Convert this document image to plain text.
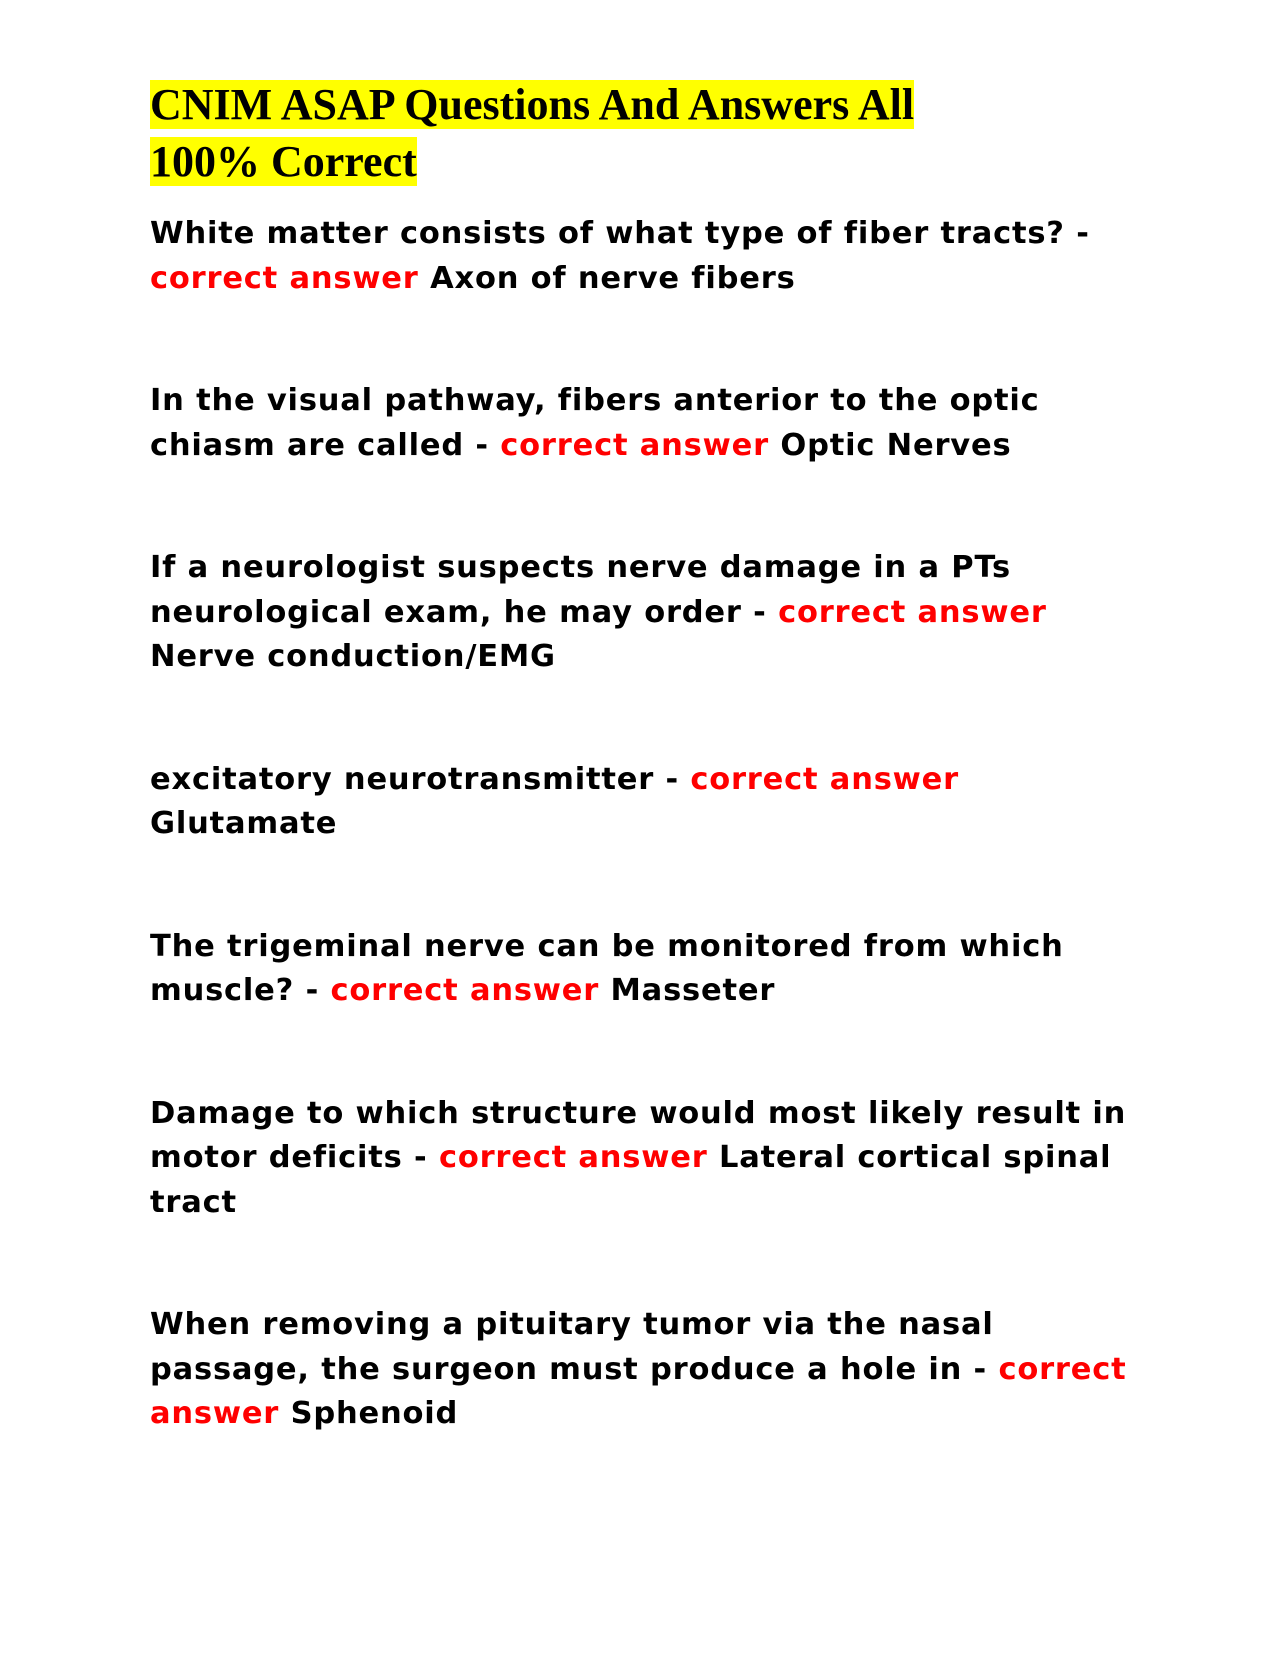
CNIM ASAP Questions And Answers All
100% Correct

White matter consists of what type of fiber tracts? - correct answer Axon of nerve fibers

In the visual pathway, fibers anterior to the optic chiasm are called - correct answer Optic Nerves

If a neurologist suspects nerve damage in a PTs neurological exam, he may order - correct answer Nerve conduction/EMG

excitatory neurotransmitter - correct answer Glutamate

The trigeminal nerve can be monitored from which muscle? - correct answer Masseter

Damage to which structure would most likely result in motor deficits - correct answer Lateral cortical spinal tract

When removing a pituitary tumor via the nasal passage, the surgeon must produce a hole in - correct answer Sphenoid
